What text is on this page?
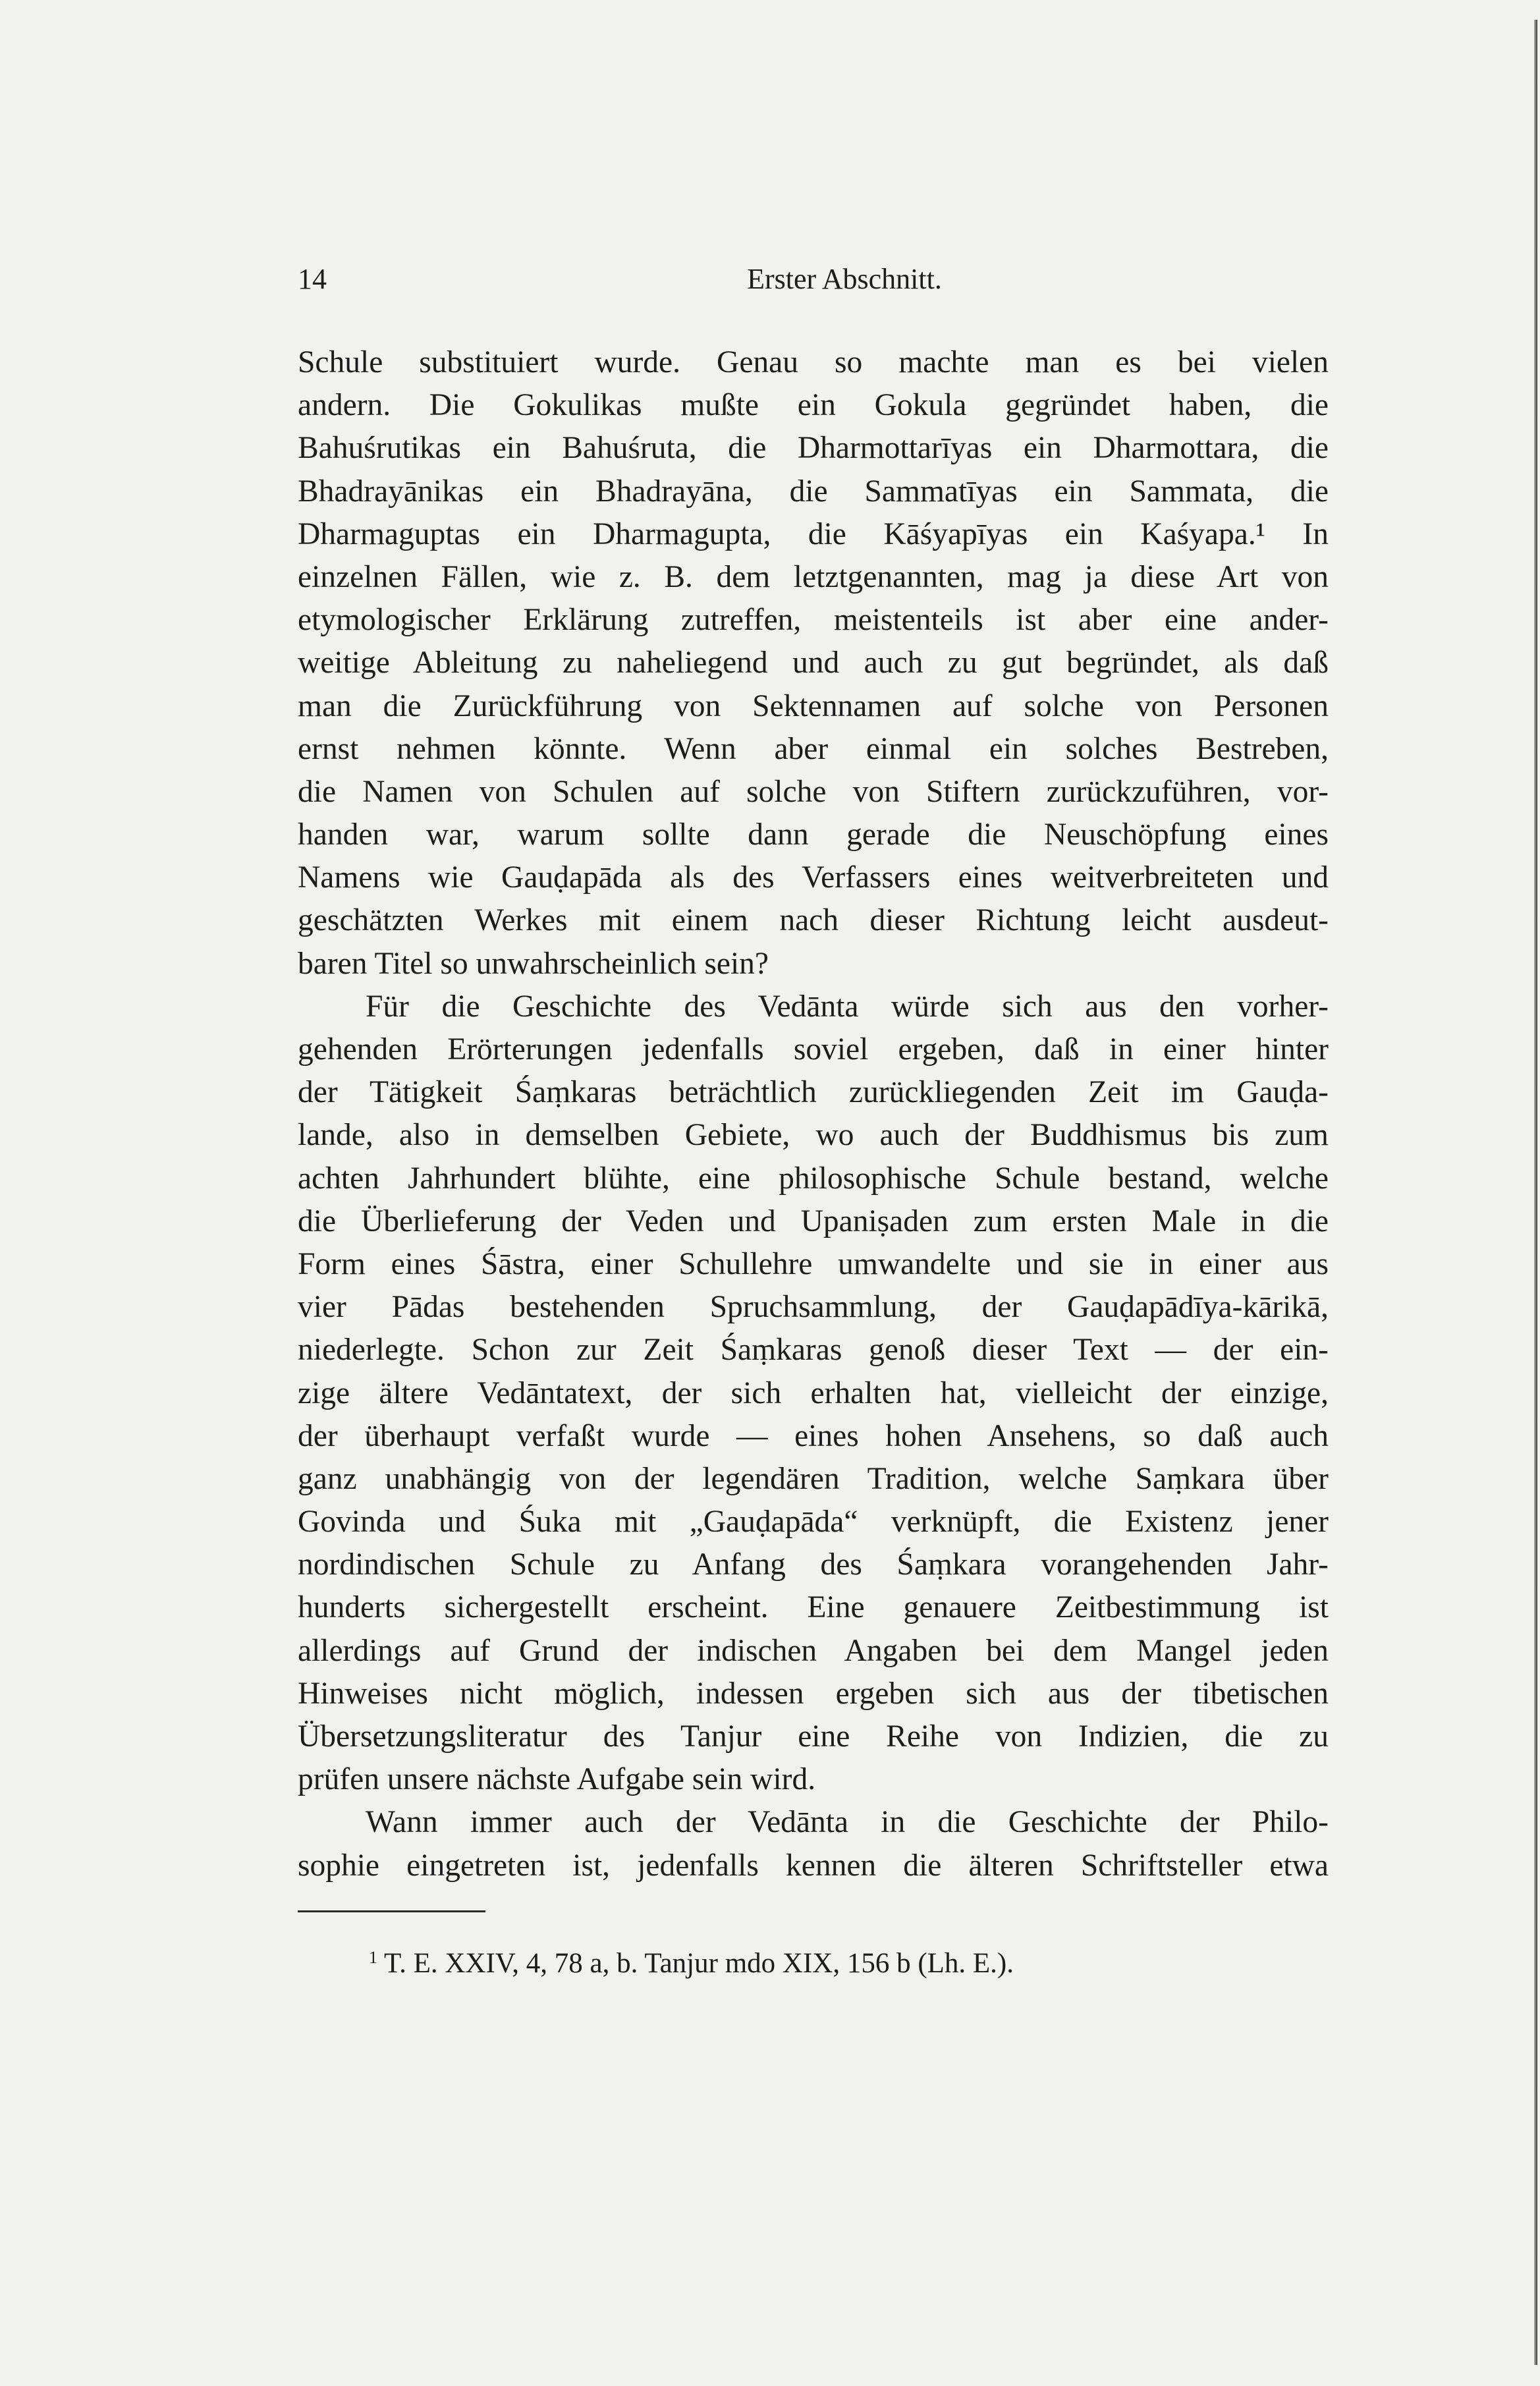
14	Erster Abschnitt.
Schule substituiert wurde. Genau so machte man es bei vielen
andern. Die Gokulikas mußte ein Gokula gegründet haben, die
Bahuśrutikas ein Bahuśruta, die Dharmottarīyas ein Dharmottara, die
Bhadrayānikas ein Bhadrayāna, die Sammatīyas ein Sammata, die
Dharmaguptas ein Dharmagupta, die Kāśyapīyas ein Kaśyapa.¹ In
einzelnen Fällen, wie z. B. dem letztgenannten, mag ja diese Art von
etymologischer Erklärung zutreffen, meistenteils ist aber eine ander-
weitige Ableitung zu naheliegend und auch zu gut begründet, als daß
man die Zurückführung von Sektennamen auf solche von Personen
ernst nehmen könnte. Wenn aber einmal ein solches Bestreben,
die Namen von Schulen auf solche von Stiftern zurückzuführen, vor-
handen war, warum sollte dann gerade die Neuschöpfung eines
Namens wie Gauḍapāda als des Verfassers eines weitverbreiteten und
geschätzten Werkes mit einem nach dieser Richtung leicht ausdeut-
baren Titel so unwahrscheinlich sein?
Für die Geschichte des Vedānta würde sich aus den vorher-
gehenden Erörterungen jedenfalls soviel ergeben, daß in einer hinter
der Tätigkeit Śaṃkaras beträchtlich zurückliegenden Zeit im Gauḍa-
lande, also in demselben Gebiete, wo auch der Buddhismus bis zum
achten Jahrhundert blühte, eine philosophische Schule bestand, welche
die Überlieferung der Veden und Upaniṣaden zum ersten Male in die
Form eines Śāstra, einer Schullehre umwandelte und sie in einer aus
vier Pādas bestehenden Spruchsammlung, der Gauḍapādīya-kārikā,
niederlegte. Schon zur Zeit Śaṃkaras genoß dieser Text — der ein-
zige ältere Vedāntatext, der sich erhalten hat, vielleicht der einzige,
der überhaupt verfaßt wurde — eines hohen Ansehens, so daß auch
ganz unabhängig von der legendären Tradition, welche Saṃkara über
Govinda und Śuka mit „Gauḍapāda“ verknüpft, die Existenz jener
nordindischen Schule zu Anfang des Śaṃkara vorangehenden Jahr-
hunderts sichergestellt erscheint. Eine genauere Zeitbestimmung ist
allerdings auf Grund der indischen Angaben bei dem Mangel jeden
Hinweises nicht möglich, indessen ergeben sich aus der tibetischen
Übersetzungsliteratur des Tanjur eine Reihe von Indizien, die zu
prüfen unsere nächste Aufgabe sein wird.
Wann immer auch der Vedānta in die Geschichte der Philo-
sophie eingetreten ist, jedenfalls kennen die älteren Schriftsteller etwa
$^1$ T. E. XXIV, 4, 78 a, b. Tanjur mdo XIX, 156 b (Lh. E.).
